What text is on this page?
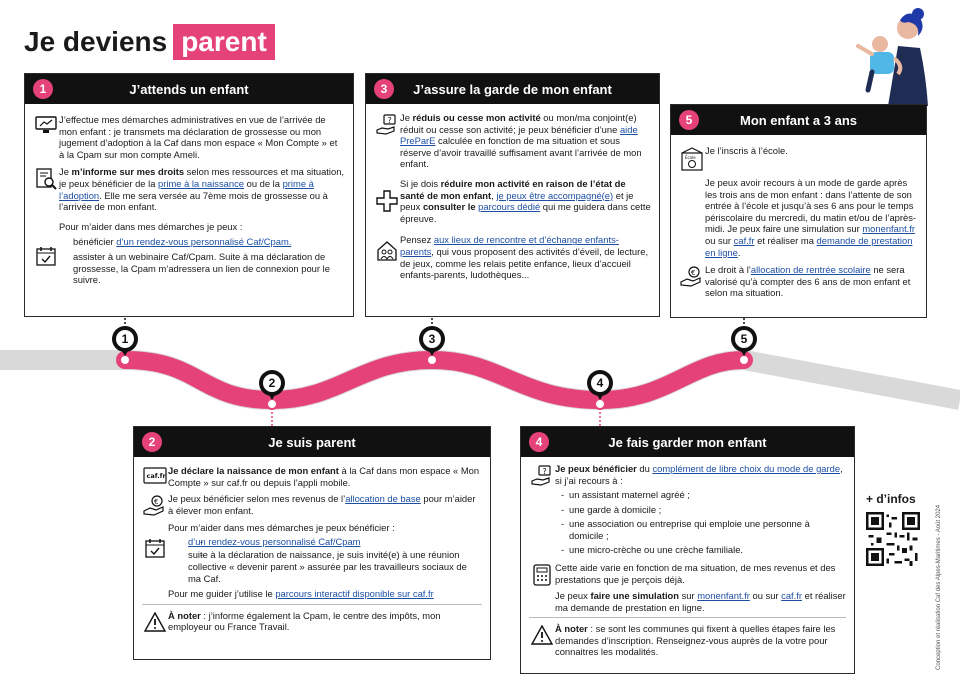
Je deviens parent
1
2
3
4
5
1	J’attends un enfant
J’effectue mes démarches administratives en vue de l’arrivée de mon enfant : je transmets ma déclaration de grossesse ou mon jugement d’adoption à la Caf dans mon espace « Mon Compte » et à la Cpam sur mon compte Ameli.
Je m’informe sur mes droits selon mes ressources et ma situation, je peux bénéficier de la prime à la naissance ou de la prime à l’adoption. Elle me sera versée au 7ème mois de grossesse ou à l’arrivée de mon enfant.
Pour m’aider dans mes démarches je peux :
- bénéficier d’un rendez-vous personnalisé Caf/Cpam.
- assister à un webinaire Caf/Cpam. Suite à ma déclaration de grossesse, la Cpam m’adressera un lien de connexion pour le suivre.
3	J’assure la garde de mon enfant
? Je réduis ou cesse mon activité ou mon/ma conjoint(e) réduit ou cesse son activité; je peux bénéficier d’une aide PreParE calculée en fonction de ma situation et sous réserve d’avoir travaillé suffisament avant l’arrivée de mon enfant.
Si je dois réduire mon activité en raison de l’état de santé de mon enfant, je peux être accompagné(e) et je peux consulter le parcours dédié qui me guidera dans cette épreuve.
Pensez aux lieux de rencontre et d’échange enfants-parents, qui vous proposent des activités d’éveil, de lecture, de jeux, comme les relais petite enfance, lieux d’accueil enfants-parents, ludothèques...
5	Mon enfant a 3 ans
École
Je l’inscris à l’école.
Je peux avoir recours à un mode de garde après les trois ans de mon enfant : dans l’attente de son entrée à l’école et jusqu’à ses 6 ans pour le temps périscolaire du mercredi, du matin et/ou de l’après-midi. Je peux faire une simulation sur monenfant.fr ou sur caf.fr et réaliser ma demande de prestation en ligne.
€ Le droit à l’allocation de rentrée scolaire ne sera valorisé qu’à compter des 6 ans de mon enfant et selon ma situation.
2	Je suis parent
caf.fr Je déclare la naissance de mon enfant à la Caf dans mon espace « Mon Compte » sur caf.fr ou depuis l’appli mobile.
€ Je peux bénéficier selon mes revenus de l’allocation de base pour m’aider à élever mon enfant.
Pour m’aider dans mes démarches je peux bénéficier :
- d’un rendez-vous personnalisé Caf/Cpam
- suite à la déclaration de naissance, je suis invité(e) à une réunion collective « devenir parent » assurée par les travailleurs sociaux de ma Caf.
Pour me guider j’utilise le parcours interactif disponible sur caf.fr
À noter : j’informe également la Cpam, le centre des impôts, mon employeur ou France Travail.
4	Je fais garder mon enfant
? Je peux bénéficier du complément de libre choix du mode de garde, si j’ai recours à :
- un assistant maternel agréé ;
- une garde à domicile ;
- une association ou entreprise qui emploie une personne à domicile ;
- une micro-crèche ou une crèche familiale.
Cette aide varie en fonction de ma situation, de mes revenus et des prestations que je perçois déjà.
Je peux faire une simulation sur monenfant.fr ou sur caf.fr et réaliser ma demande de prestation en ligne.
À noter : se sont les communes qui fixent à quelles étapes faire les demandes d’inscription. Renseignez-vous auprès de la votre pour connaitres les modalités.
+ d’infos
Conception et réalisation Caf des Alpes-Maritimes - Août 2024
